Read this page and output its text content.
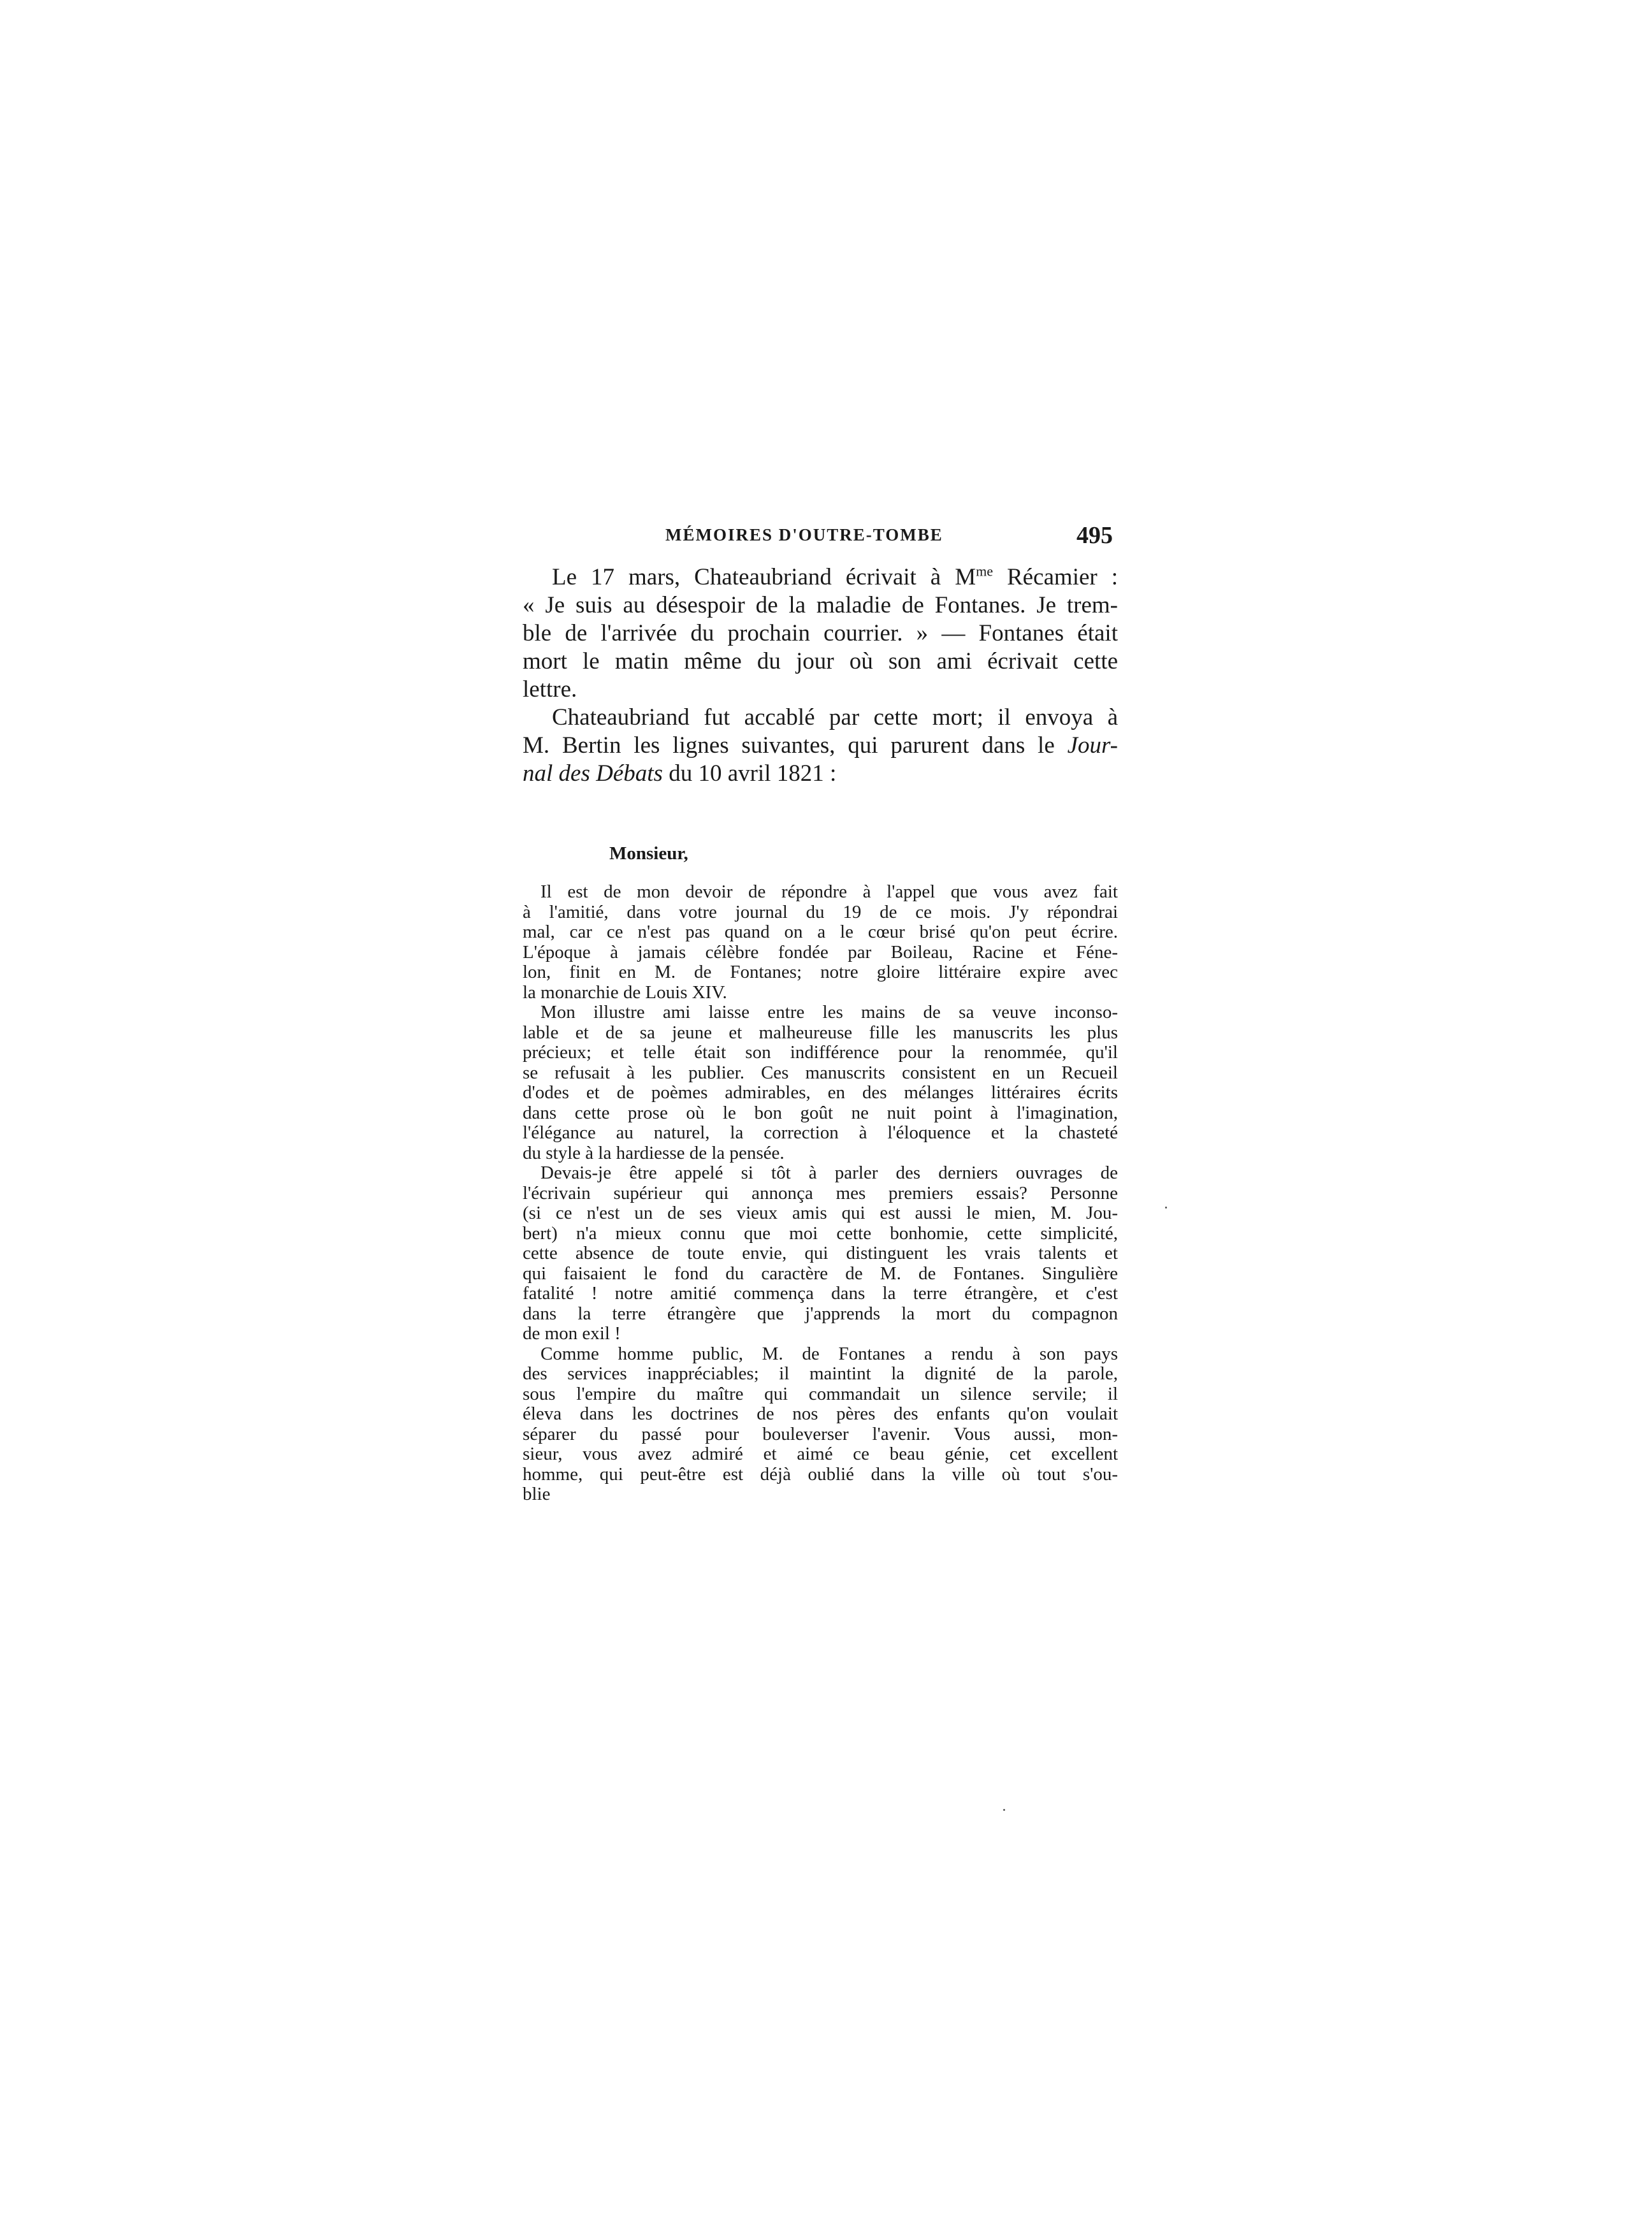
MÉMOIRES D'OUTRE-TOMBE	495

Le 17 mars, Chateaubriand écrivait à $M^{me}$ Récamier :
« Je suis au désespoir de la maladie de Fontanes. Je trem-
ble de l'arrivée du prochain courrier. » — Fontanes était
mort le matin même du jour où son ami écrivait cette
lettre.

Chateaubriand fut accablé par cette mort; il envoya à
M. Bertin les lignes suivantes, qui parurent dans le Jour-
nal des Débats du 10 avril 1821 :

Monsieur,

Il est de mon devoir de répondre à l'appel que vous avez fait
à l'amitié, dans votre journal du 19 de ce mois. J'y répondrai
mal, car ce n'est pas quand on a le cœur brisé qu'on peut écrire.
L'époque à jamais célèbre fondée par Boileau, Racine et Féne-
lon, finit en M. de Fontanes; notre gloire littéraire expire avec
la monarchie de Louis XIV.

Mon illustre ami laisse entre les mains de sa veuve inconso-
lable et de sa jeune et malheureuse fille les manuscrits les plus
précieux; et telle était son indifférence pour la renommée, qu'il
se refusait à les publier. Ces manuscrits consistent en un Recueil
d'odes et de poèmes admirables, en des mélanges littéraires écrits
dans cette prose où le bon goût ne nuit point à l'imagination,
l'élégance au naturel, la correction à l'éloquence et la chasteté
du style à la hardiesse de la pensée.

Devais-je être appelé si tôt à parler des derniers ouvrages de
l'écrivain supérieur qui annonça mes premiers essais? Personne
(si ce n'est un de ses vieux amis qui est aussi le mien, M. Jou-
bert) n'a mieux connu que moi cette bonhomie, cette simplicité,
cette absence de toute envie, qui distinguent les vrais talents et
qui faisaient le fond du caractère de M. de Fontanes. Singulière
fatalité ! notre amitié commença dans la terre étrangère, et c'est
dans la terre étrangère que j'apprends la mort du compagnon
de mon exil !

Comme homme public, M. de Fontanes a rendu à son pays
des services inappréciables; il maintint la dignité de la parole,
sous l'empire du maître qui commandait un silence servile; il
éleva dans les doctrines de nos pères des enfants qu'on voulait
séparer du passé pour bouleverser l'avenir. Vous aussi, mon-
sieur, vous avez admiré et aimé ce beau génie, cet excellent
homme, qui peut-être est déjà oublié dans la ville où tout s'ou-
blie
